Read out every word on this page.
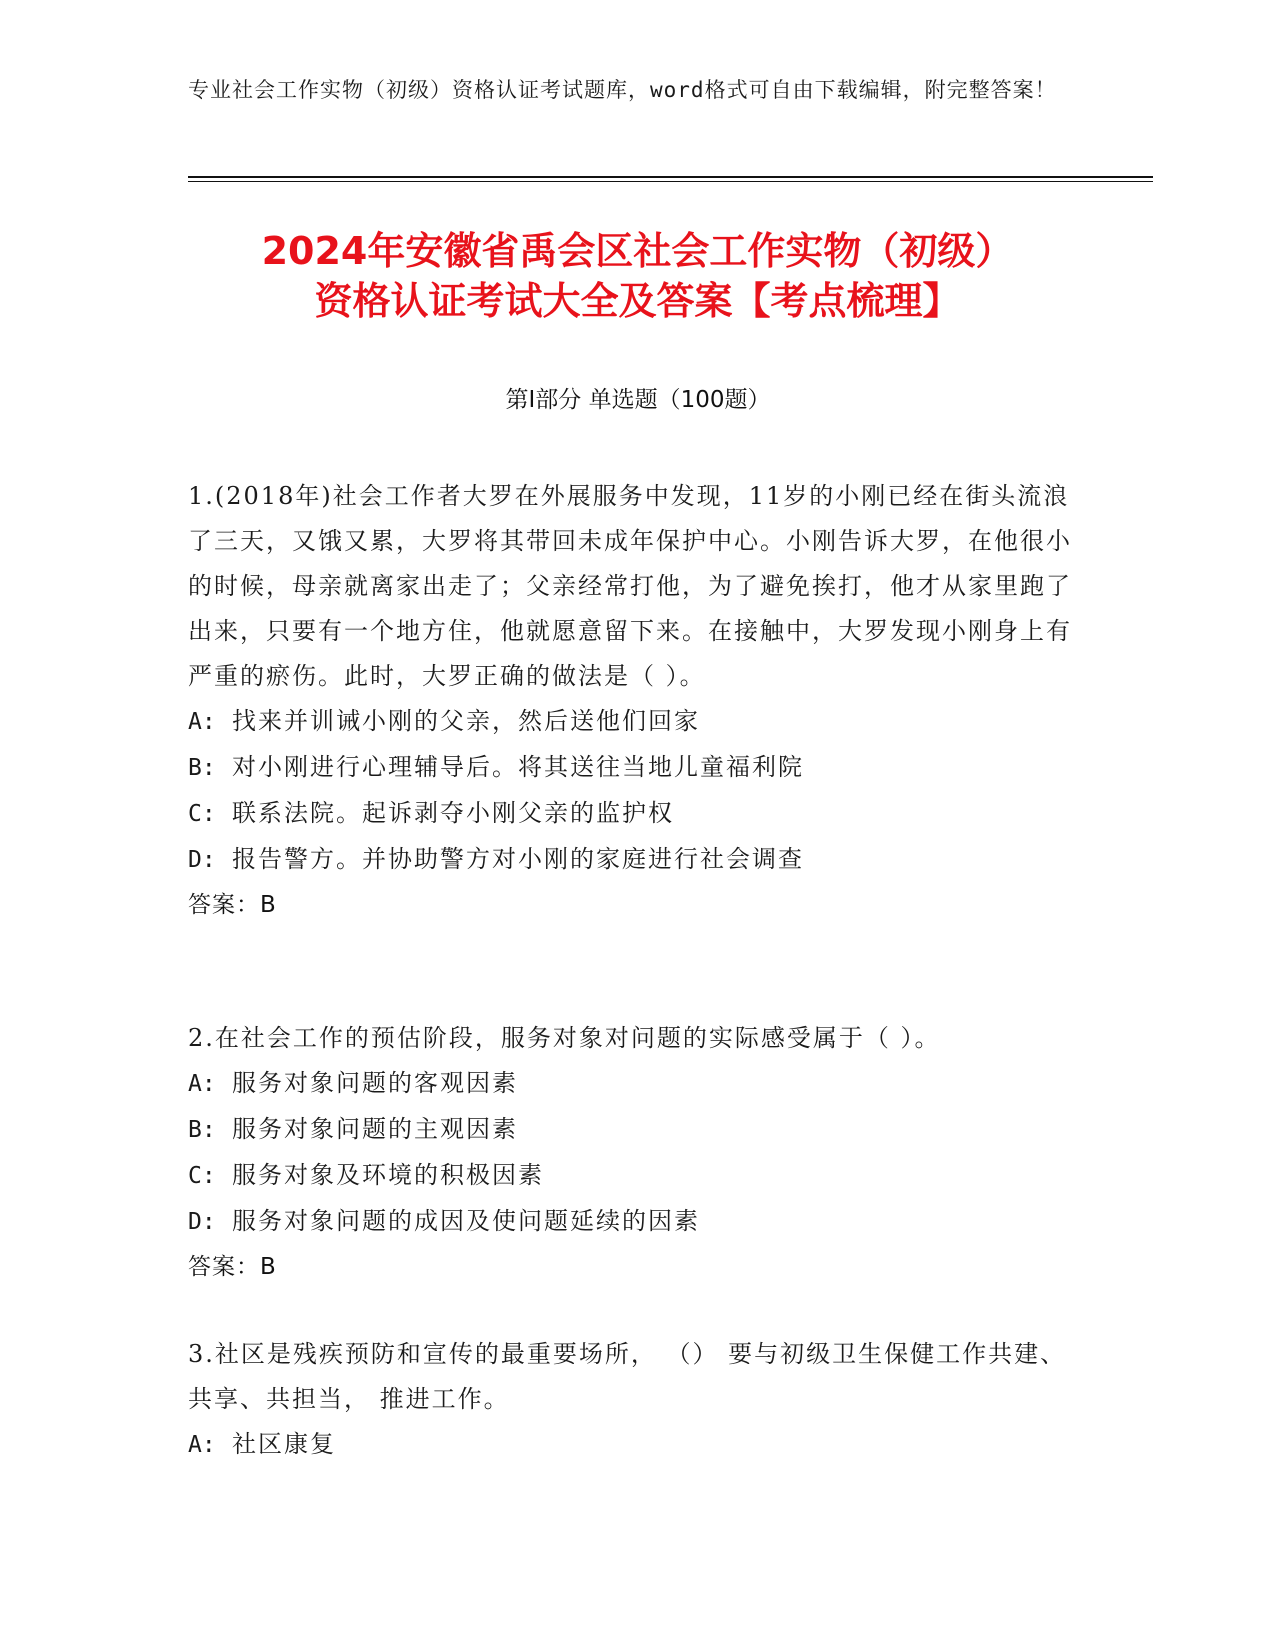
专业社会工作实物（初级）资格认证考试题库，word格式可自由下载编辑，附完整答案！
2024年安徽省禹会区社会工作实物（初级）
资格认证考试大全及答案【考点梳理】
第Ⅰ部分 单选题（100题）

1.(2018年)社会工作者大罗在外展服务中发现，11岁的小刚已经在街头流浪了三天，又饿又累，大罗将其带回未成年保护中心。小刚告诉大罗，在他很小的时候，母亲就离家出走了；父亲经常打他，为了避免挨打，他才从家里跑了出来，只要有一个地方住，他就愿意留下来。在接触中，大罗发现小刚身上有严重的瘀伤。此时，大罗正确的做法是（ ）。

A: 找来并训诫小刚的父亲，然后送他们回家

B: 对小刚进行心理辅导后。将其送往当地儿童福利院

C: 联系法院。起诉剥夺小刚父亲的监护权

D: 报告警方。并协助警方对小刚的家庭进行社会调查

答案：B

2.在社会工作的预估阶段，服务对象对问题的实际感受属于（ ）。

A: 服务对象问题的客观因素

B: 服务对象问题的主观因素

C: 服务对象及环境的积极因素

D: 服务对象问题的成因及使问题延续的因素

答案：B

3.社区是残疾预防和宣传的最重要场所， （） 要与初级卫生保健工作共建、 共享、共担当， 推进工作。

A: 社区康复
